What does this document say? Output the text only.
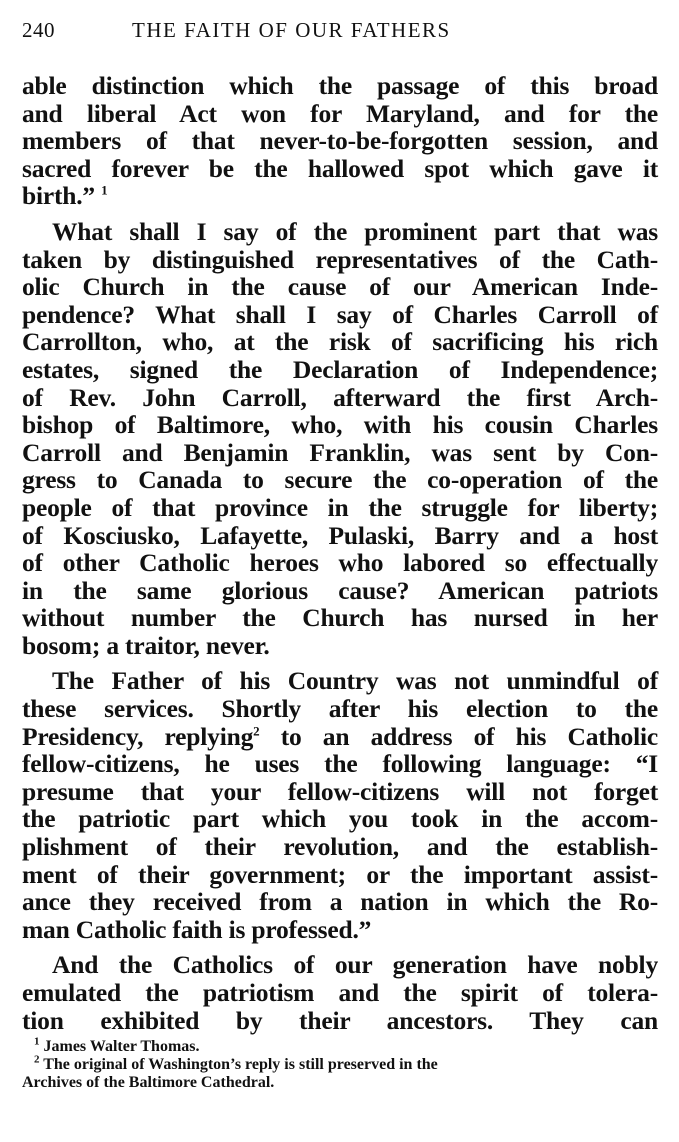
240	THE FAITH OF OUR FATHERS
able distinction which the passage of this broad
and liberal Act won for Maryland, and for the
members of that never-to-be-forgotten session, and
sacred forever be the hallowed spot which gave it
birth.” $^1$
What shall I say of the prominent part that was
taken by distinguished representatives of the Cath-
olic Church in the cause of our American Inde-
pendence? What shall I say of Charles Carroll of
Carrollton, who, at the risk of sacrificing his rich
estates, signed the Declaration of Independence;
of Rev. John Carroll, afterward the first Arch-
bishop of Baltimore, who, with his cousin Charles
Carroll and Benjamin Franklin, was sent by Con-
gress to Canada to secure the co-operation of the
people of that province in the struggle for liberty;
of Kosciusko, Lafayette, Pulaski, Barry and a host
of other Catholic heroes who labored so effectually
in the same glorious cause? American patriots
without number the Church has nursed in her
bosom; a traitor, never.
The Father of his Country was not unmindful of
these services. Shortly after his election to the
Presidency, replying$^2$ to an address of his Catholic
fellow-citizens, he uses the following language: “I
presume that your fellow-citizens will not forget
the patriotic part which you took in the accom-
plishment of their revolution, and the establish-
ment of their government; or the important assist-
ance they received from a nation in which the Ro-
man Catholic faith is professed.”
And the Catholics of our generation have nobly
emulated the patriotism and the spirit of tolera-
tion exhibited by their ancestors. They can
$^1$ James Walter Thomas.
$^2$ The original of Washington’s reply is still preserved in the
Archives of the Baltimore Cathedral.
